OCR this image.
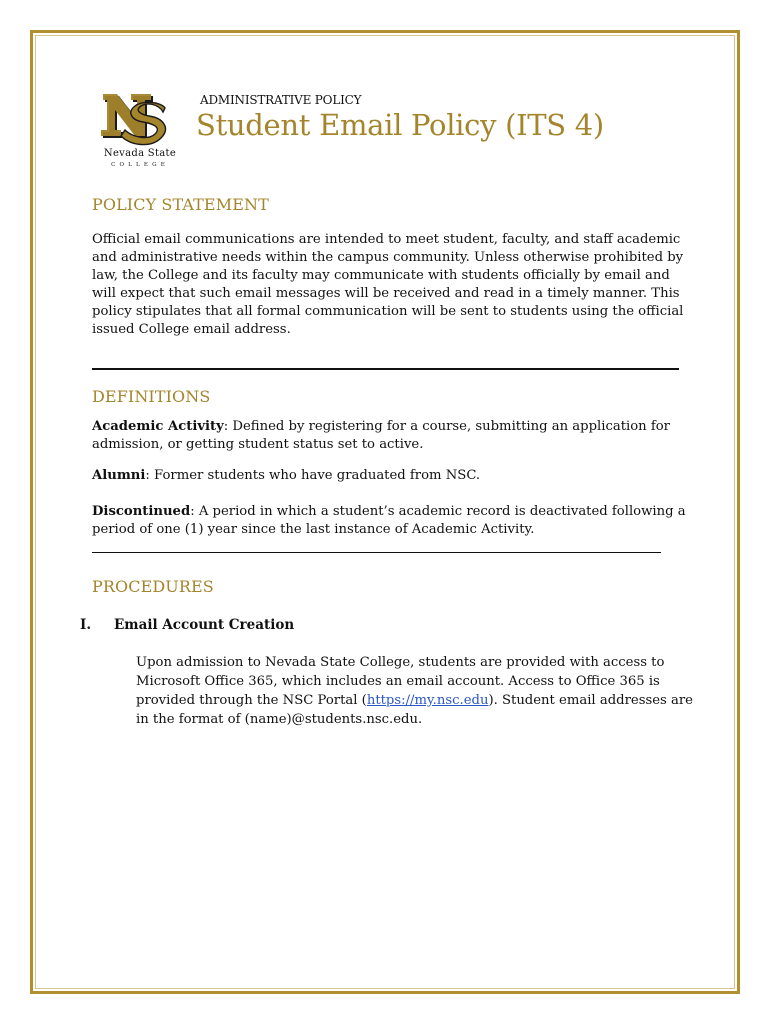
Nevada State
COLLEGE
ADMINISTRATIVE POLICY
Student Email Policy (ITS 4)
POLICY STATEMENT
Official email communications are intended to meet student, faculty, and staff academic and administrative needs within the campus community. Unless otherwise prohibited by law, the College and its faculty may communicate with students officially by email and will expect that such email messages will be received and read in a timely manner. This policy stipulates that all formal communication will be sent to students using the official issued College email address.
DEFINITIONS
Academic Activity: Defined by registering for a course, submitting an application for admission, or getting student status set to active.
Alumni: Former students who have graduated from NSC.
Discontinued: A period in which a student’s academic record is deactivated following a period of one (1) year since the last instance of Academic Activity.
PROCEDURES
I. Email Account Creation
Upon admission to Nevada State College, students are provided with access to Microsoft Office 365, which includes an email account. Access to Office 365 is provided through the NSC Portal (https://my.nsc.edu). Student email addresses are in the format of (name)@students.nsc.edu.
